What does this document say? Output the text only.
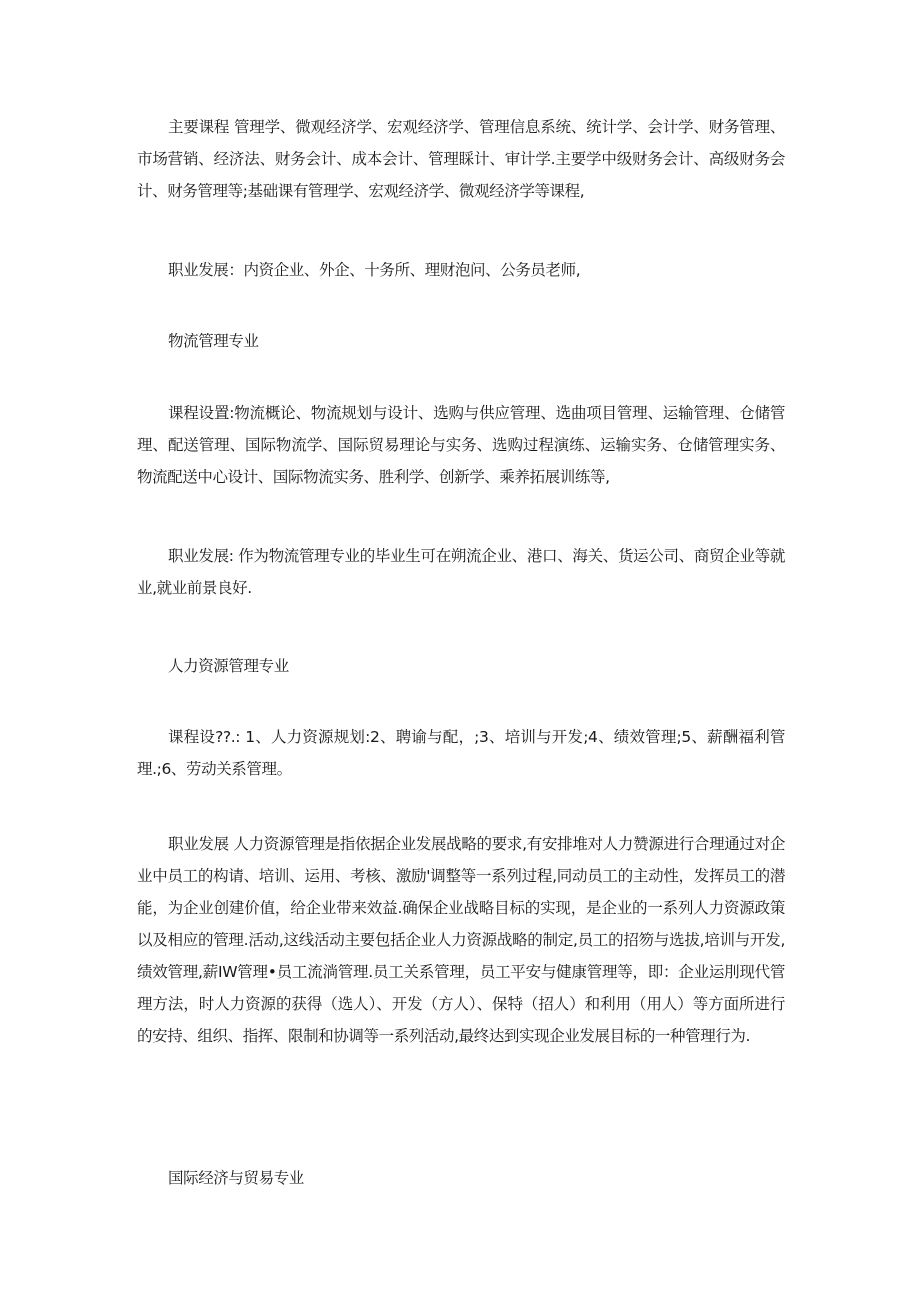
主要课程 管理学、微观经济学、宏观经济学、管理信息系统、统计学、会计学、财务管理、市场营销、经济法、财务会计、成本会计、管理睬计、审计学.主要学中级财务会计、高级财务会计、财务管理等;基础课有管理学、宏观经济学、微观经济学等课程,

职业发展：内资企业、外企、十务所、理财泡问、公务员老师,

物流管理专业

课程设置:物流概论、物流规划与设计、选购与供应管理、选曲项目管理、运输管理、仓储管理、配送管理、国际物流学、国际贸易理论与实务、选购过程演练、运输实务、仓储管理实务、物流配送中心设计、国际物流实务、胜利学、创新学、乘养拓展训练等,

职业发展: 作为物流管理专业的毕业生可在朔流企业、港口、海关、货运公司、商贸企业等就业,就业前景良好.

人力资源管理专业

课程设??.: 1、人力资源规划:2、聘谕与配，;3、培训与开发;4、绩效管理;5、薪酬福利管理.;6、劳动关系管理。

职业发展 人力资源管理是指依据企业发展战略的要求,有安排堆对人力赞源进行合理通过对企业中员工的构请、培训、运用、考核、激励'调整等一系列过程,同动员工的主动性，发挥员工的潜能，为企业创建价值，给企业带来效益.确保企业战略目标的实现，是企业的一系列人力资源政策以及相应的管理.活动,这线活动主要包括企业人力资源战略的制定,员工的招笏与选拔,培训与开发,绩效管理,薪IW管理•员工流淌管理.员工关系管理，员工平安与健康管理等，即：企业运刖现代管理方法，时人力资源的获得（选人）、开发（方人）、保特（招人）和利用（用人）等方面所进行的安持、组织、指挥、限制和协调等一系列活动,最终达到实现企业发展目标的一种管理行为.

国际经济与贸易专业
